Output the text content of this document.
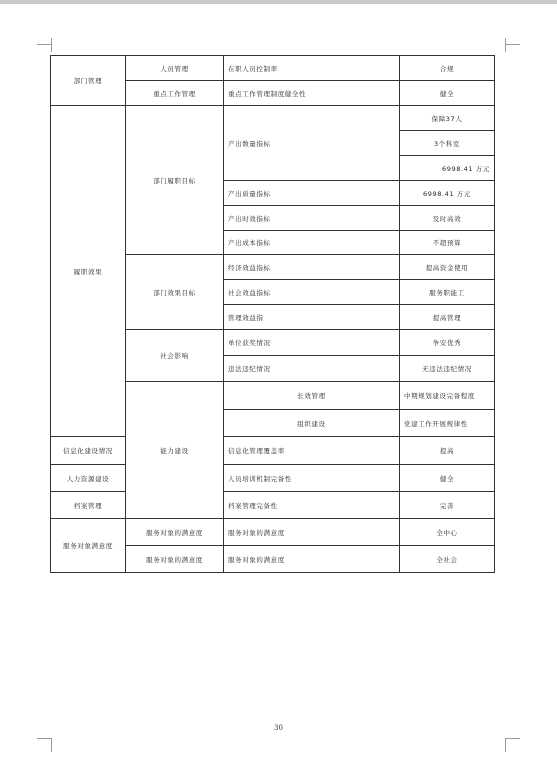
部门管理	人员管理	在职人员控制率	合规	
	重点工作管理	重点工作管理制度健全性	健全	
履职效果	部门履职目标	产出数量指标	保障37人	
			3个科室	
			6998.41 万元	
		产出质量指标	6998.41 万元	
		产出时效指标	及时高效	
		产出成本指标	不超预算	
	部门效果目标	经济效益指标	提高资金使用	
		社会效益指标	服务职能工	
		管理效益指	提高管理	
	社会影响	单位获奖情况	争安优秀	
		违法违纪情况	无违法违纪情况	
	能力建设	长效管理	中期规划建设完备程度	
		组织建设	党建工作开展规律性	
信息化建设情况		信息化管理覆盖率	提高	
人力资源建设		人员培训机制完备性	健全	
档案管理		档案管理完备性	完善	
服务对象满意度	服务对象的满意度	服务对象的满意度	全中心	
	服务对象的满意度	服务对象的满意度	全社会	
30
